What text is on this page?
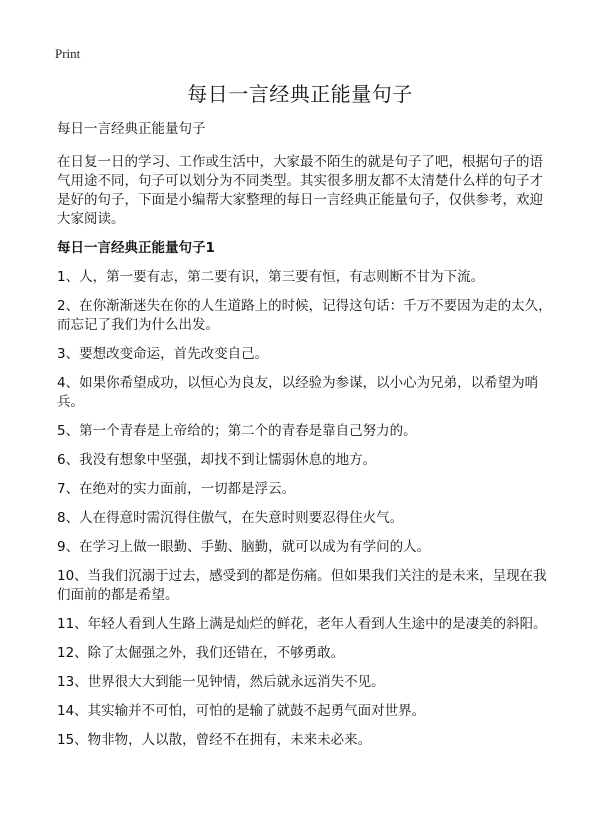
Print
每日一言经典正能量句子

每日一言经典正能量句子

在日复一日的学习、工作或生活中，大家最不陌生的就是句子了吧，根据句子的语气用途不同，句子可以划分为不同类型。其实很多朋友都不太清楚什么样的句子才是好的句子，下面是小编帮大家整理的每日一言经典正能量句子，仅供参考，欢迎大家阅读。

每日一言经典正能量句子1

1、人，第一要有志，第二要有识，第三要有恒，有志则断不甘为下流。

2、在你渐渐迷失在你的人生道路上的时候，记得这句话：千万不要因为走的太久，而忘记了我们为什么出发。

3、要想改变命运，首先改变自己。

4、如果你希望成功，以恒心为良友，以经验为参谋，以小心为兄弟，以希望为哨兵。

5、第一个青春是上帝给的；第二个的青春是靠自己努力的。

6、我没有想象中坚强，却找不到让懦弱休息的地方。

7、在绝对的实力面前，一切都是浮云。

8、人在得意时需沉得住傲气，在失意时则要忍得住火气。

9、在学习上做一眼勤、手勤、脑勤，就可以成为有学问的人。

10、当我们沉溺于过去，感受到的都是伤痛。但如果我们关注的是未来，呈现在我们面前的都是希望。

11、年轻人看到人生路上满是灿烂的鲜花，老年人看到人生途中的是凄美的斜阳。

12、除了太倔强之外，我们还错在，不够勇敢。

13、世界很大大到能一见钟情，然后就永远消失不见。

14、其实输并不可怕，可怕的是输了就鼓不起勇气面对世界。

15、物非物，人以散，曾经不在拥有，未来未必来。
